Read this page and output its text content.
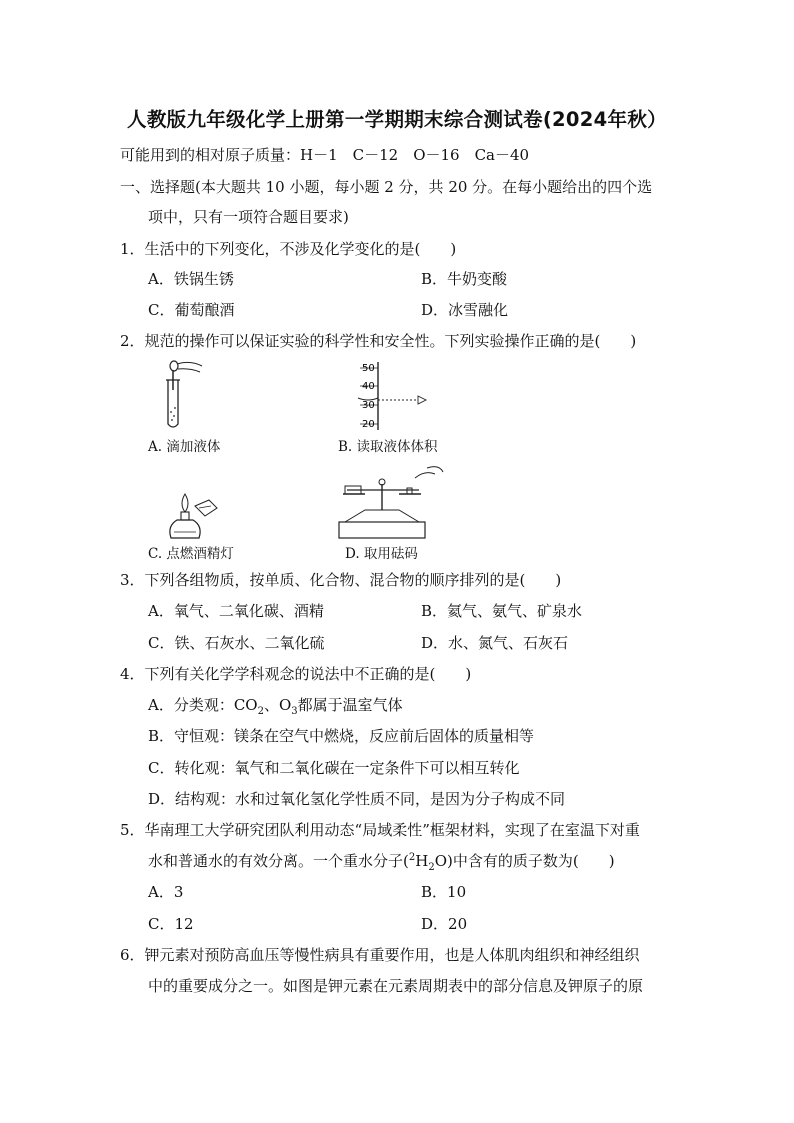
人教版九年级化学上册第一学期期末综合测试卷(2024年秋）
可能用到的相对原子质量：H－1　C－12　O－16　Ca－40
一、选择题(本大题共 10 小题，每小题 2 分，共 20 分。在每小题给出的四个选
项中，只有一项符合题目要求)
1．生活中的下列变化，不涉及化学变化的是(　　)
A．铁锅生锈	B．牛奶变酸
C．葡萄酿酒	D．冰雪融化
2．规范的操作可以保证实验的科学性和安全性。下列实验操作正确的是(　　)
A. 滴加液体
50
40
30
20
B. 读取液体体积
C. 点燃酒精灯	D. 取用砝码
3．下列各组物质，按单质、化合物、混合物的顺序排列的是(　　)
A．氧气、二氧化碳、酒精	B．氦气、氨气、矿泉水
C．铁、石灰水、二氧化硫	D．水、氮气、石灰石
4．下列有关化学学科观念的说法中不正确的是(　　)
A．分类观：$CO_2$、$O_3$都属于温室气体
B．守恒观：镁条在空气中燃烧，反应前后固体的质量相等
C．转化观：氧气和二氧化碳在一定条件下可以相互转化
D．结构观：水和过氧化氢化学性质不同，是因为分子构成不同
5．华南理工大学研究团队利用动态“局域柔性”框架材料，实现了在室温下对重
水和普通水的有效分离。一个重水分子$(^2H_2O)$中含有的质子数为(　　)
A．3	B．10
C．12	D．20
6．钾元素对预防高血压等慢性病具有重要作用，也是人体肌肉组织和神经组织
中的重要成分之一。如图是钾元素在元素周期表中的部分信息及钾原子的原
